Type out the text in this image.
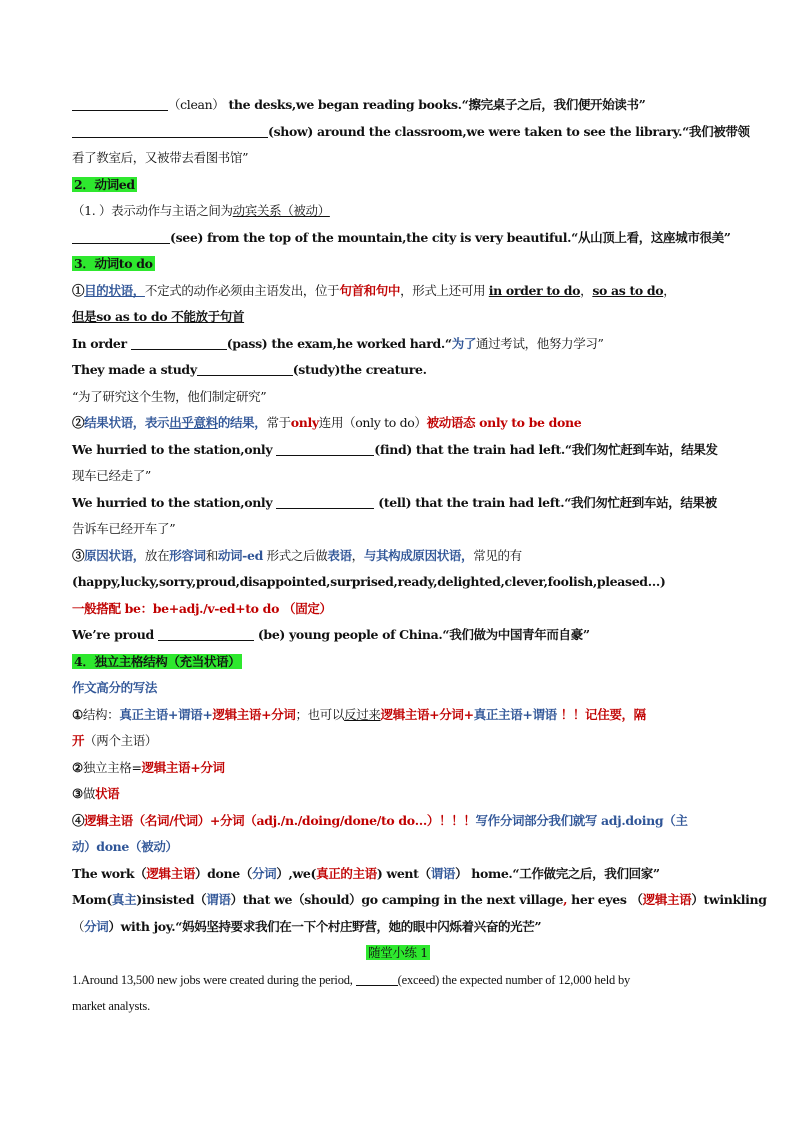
（clean） the desks,we began reading books.“擦完桌子之后，我们便开始读书”
(show) around the classroom,we were taken to see the library.“我们被带领
看了教室后，又被带去看图书馆”
2．动词ed
（1. ）表示动作与主语之间为动宾关系（被动）
(see) from the top of the mountain,the city is very beautiful.“从山顶上看，这座城市很美”
3．动词to do
①目的状语，不定式的动作必须由主语发出，位于句首和句中，形式上还可用 in order to do，so as to do，
但是so as to do 不能放于句首
In order	(pass) the exam,he worked hard.“为了通过考试，他努力学习”
They made a study	(study)the creature.
“为了研究这个生物，他们制定研究”
②结果状语，表示出乎意料的结果，常于only连用（only to do）被动语态 only to be done
We hurried to the station,only	(find) that the train had left.“我们匆忙赶到车站，结果发
现车已经走了”
We hurried to the station,only	(tell) that the train had left.“我们匆忙赶到车站，结果被
告诉车已经开车了”
③原因状语，放在形容词和动词-ed 形式之后做表语，与其构成原因状语，常见的有
(happy,lucky,sorry,proud,disappointed,surprised,ready,delighted,clever,foolish,pleased…)
一般搭配 be：be+adj./v-ed+to do （固定）
We’re proud	(be) young people of China.“我们做为中国青年而自豪”
4．独立主格结构（充当状语）
作文高分的写法
①结构：真正主语+谓语+逻辑主语+分词；也可以反过来逻辑主语+分词+真正主语+谓语 ！！记住要，隔
开（两个主语）
②独立主格=逻辑主语+分词
③做状语
④逻辑主语（名词/代词）+分词（adj./n./doing/done/to do…）！！！写作分词部分我们就写 adj.doing（主
动）done（被动）
The work（逻辑主语）done（分词）,we(真正的主语) went（谓语） home.“工作做完之后，我们回家”
Mom(真主)insisted（谓语）that we（should）go camping in the next village, her eyes （逻辑主语）twinkling
（分词）with joy.“妈妈坚持要求我们在一下个村庄野营，她的眼中闪烁着兴奋的光芒”
随堂小练 1
1.Around 13,500 new jobs were created during the period,	(exceed) the expected number of 12,000 held by
market analysts.
